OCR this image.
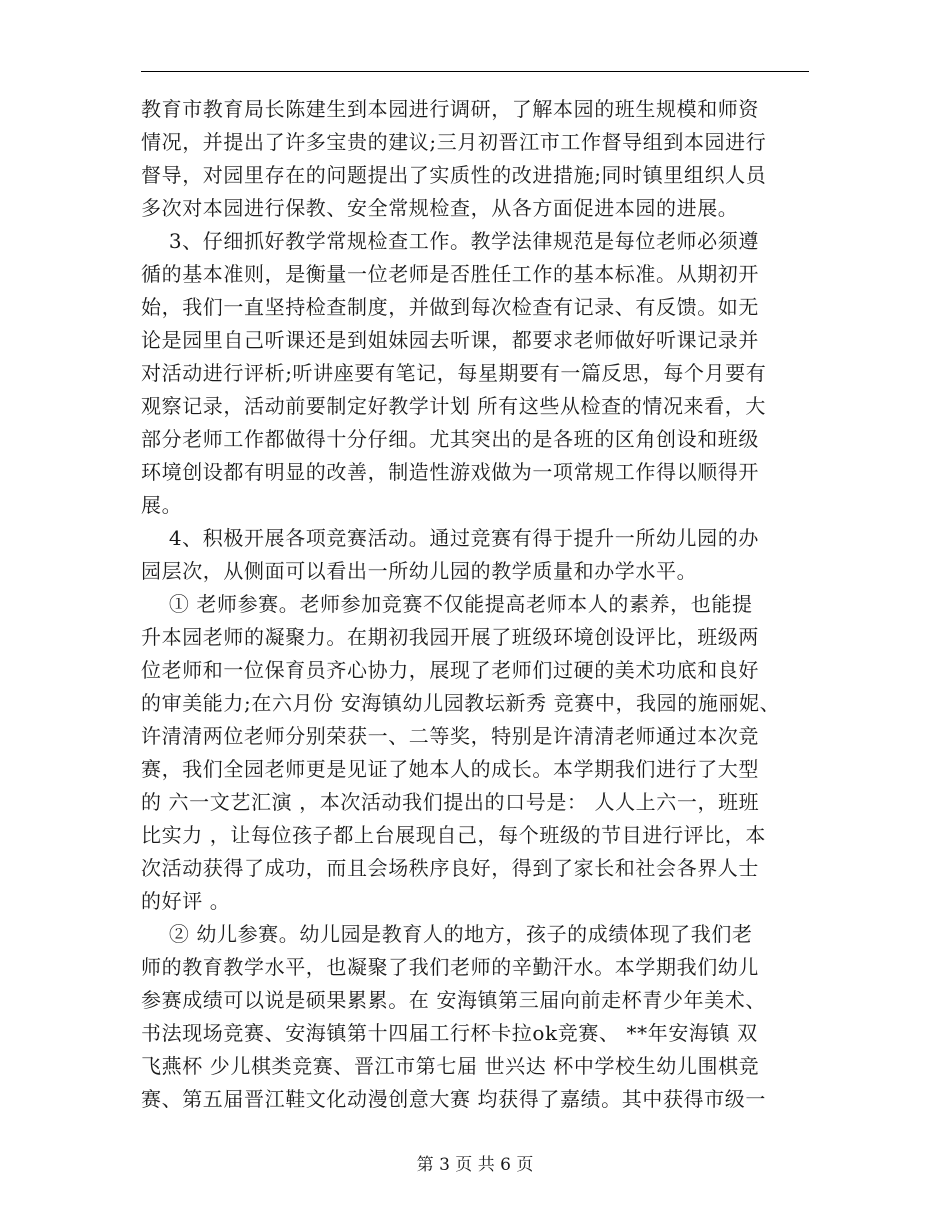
教育市教育局长陈建生到本园进行调研，了解本园的班生规模和师资

情况，并提出了许多宝贵的建议;三月初晋江市工作督导组到本园进行

督导，对园里存在的问题提出了实质性的改进措施;同时镇里组织人员

多次对本园进行保教、安全常规检查，从各方面促进本园的进展。

3、仔细抓好教学常规检查工作。教学法律规范是每位老师必须遵

循的基本准则，是衡量一位老师是否胜任工作的基本标准。从期初开

始，我们一直坚持检查制度，并做到每次检查有记录、有反馈。如无

论是园里自己听课还是到姐妹园去听课，都要求老师做好听课记录并

对活动进行评析;听讲座要有笔记，每星期要有一篇反思，每个月要有

观察记录，活动前要制定好教学计划 所有这些从检查的情况来看，大

部分老师工作都做得十分仔细。尤其突出的是各班的区角创设和班级

环境创设都有明显的改善，制造性游戏做为一项常规工作得以顺得开

展。

4、积极开展各项竞赛活动。通过竞赛有得于提升一所幼儿园的办

园层次，从侧面可以看出一所幼儿园的教学质量和办学水平。

① 老师参赛。老师参加竞赛不仅能提高老师本人的素养，也能提

升本园老师的凝聚力。在期初我园开展了班级环境创设评比，班级两

位老师和一位保育员齐心协力，展现了老师们过硬的美术功底和良好

的审美能力;在六月份 安海镇幼儿园教坛新秀 竞赛中，我园的施丽妮、

许清清两位老师分别荣获一、二等奖，特别是许清清老师通过本次竞

赛，我们全园老师更是见证了她本人的成长。本学期我们进行了大型

的 六一文艺汇演 ，本次活动我们提出的口号是： 人人上六一，班班

比实力 ，让每位孩子都上台展现自己，每个班级的节目进行评比，本

次活动获得了成功，而且会场秩序良好，得到了家长和社会各界人士

的好评 。

② 幼儿参赛。幼儿园是教育人的地方，孩子的成绩体现了我们老

师的教育教学水平，也凝聚了我们老师的辛勤汗水。本学期我们幼儿

参赛成绩可以说是硕果累累。在 安海镇第三届向前走杯青少年美术、

书法现场竞赛、安海镇第十四届工行杯卡拉ok竞赛、 **年安海镇 双

飞燕杯 少儿棋类竞赛、晋江市第七届 世兴达 杯中学校生幼儿围棋竞

赛、第五届晋江鞋文化动漫创意大赛 均获得了嘉绩。其中获得市级一

第 3 页 共 6 页
